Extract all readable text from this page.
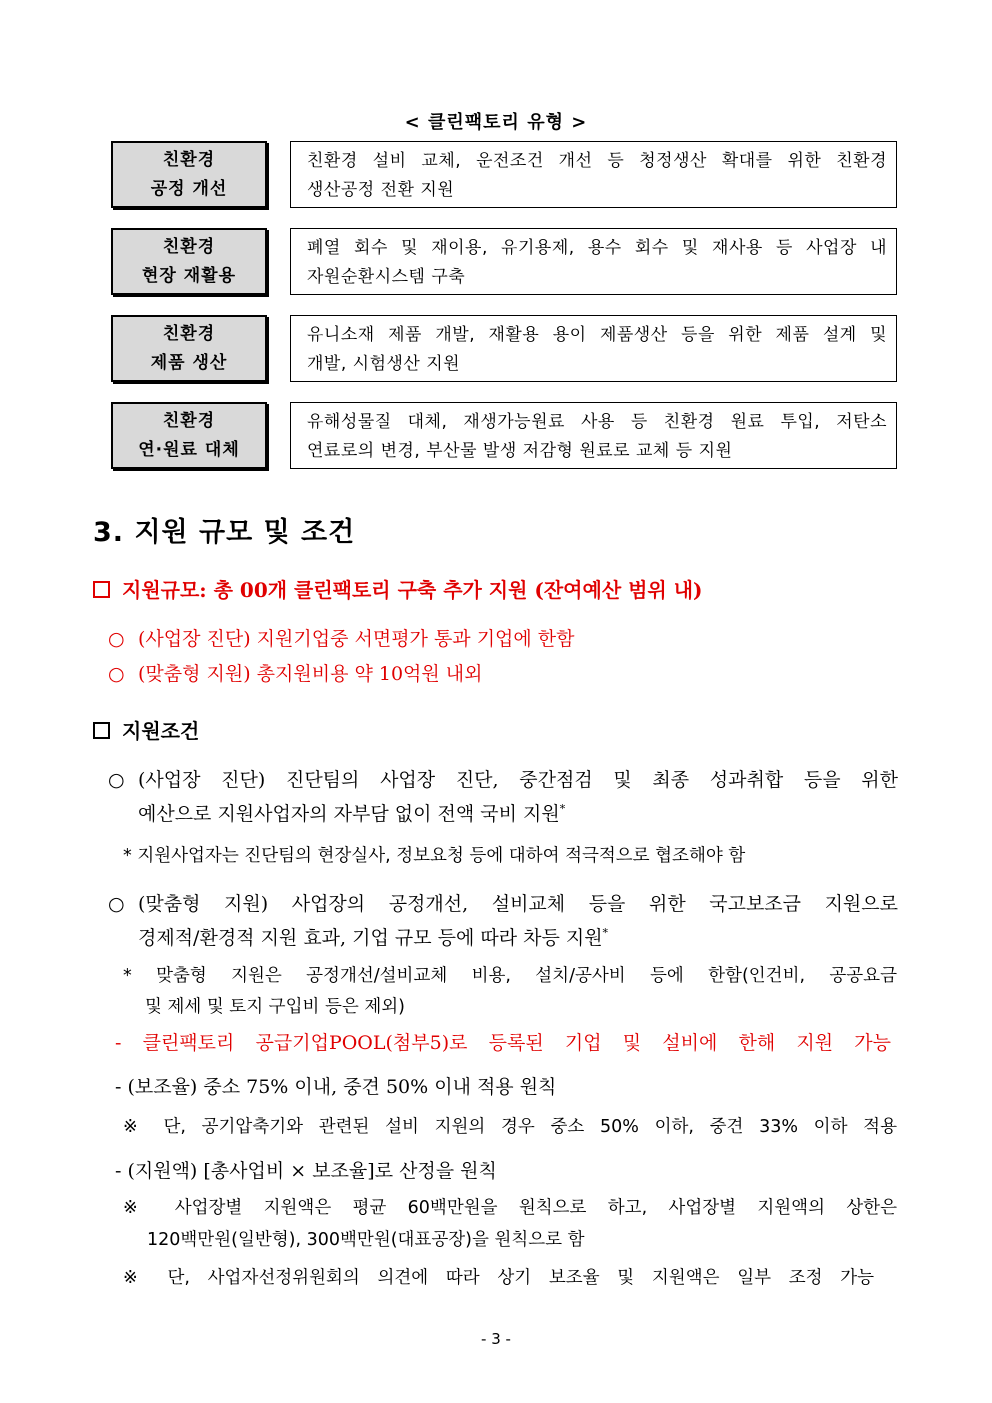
< 클린팩토리 유형 >
친환경
공정 개선
친환경 설비 교체, 운전조건 개선 등 청정생산 확대를 위한 친환경
생산공정 전환 지원
친환경
현장 재활용
폐열 회수 및 재이용, 유기용제, 용수 회수 및 재사용 등 사업장 내
자원순환시스템 구축
친환경
제품 생산
유니소재 제품 개발, 재활용 용이 제품생산 등을 위한 제품 설계 및
개발, 시험생산 지원
친환경
연·원료 대체
유해성물질 대체, 재생가능원료 사용 등 친환경 원료 투입, 저탄소
연료로의 변경, 부산물 발생 저감형 원료로 교체 등 지원
3. 지원 규모 및 조건
지원규모: 총 00개 클린팩토리 구축 추가 지원 (잔여예산 범위 내)
○ (사업장 진단) 지원기업중 서면평가 통과 기업에 한함
○ (맞춤형 지원) 총지원비용 약 10억원 내외
지원조건
○ (사업장 진단) 진단팀의 사업장 진단, 중간점검 및 최종 성과취합 등을 위한
예산으로 지원사업자의 자부담 없이 전액 국비 지원*
* 지원사업자는 진단팀의 현장실사, 정보요청 등에 대하여 적극적으로 협조해야 함
○ (맞춤형 지원) 사업장의 공정개선, 설비교체 등을 위한 국고보조금 지원으로
경제적/환경적 지원 효과, 기업 규모 등에 따라 차등 지원*
* 맞춤형 지원은 공정개선/설비교체 비용, 설치/공사비 등에 한함(인건비, 공공요금
및 제세 및 토지 구입비 등은 제외)
- 클린팩토리 공급기업POOL(첨부5)로 등록된 기업 및 설비에 한해 지원 가능
- (보조율) 중소 75% 이내, 중견 50% 이내 적용 원칙
※ 단, 공기압축기와 관련된 설비 지원의 경우 중소 50% 이하, 중견 33% 이하 적용
- (지원액) [총사업비 × 보조율]로 산정을 원칙
※ 사업장별 지원액은 평균 60백만원을 원칙으로 하고, 사업장별 지원액의 상한은
120백만원(일반형), 300백만원(대표공장)을 원칙으로 함
※ 단, 사업자선정위원회의 의견에 따라 상기 보조율 및 지원액은 일부 조정 가능
- 3 -
